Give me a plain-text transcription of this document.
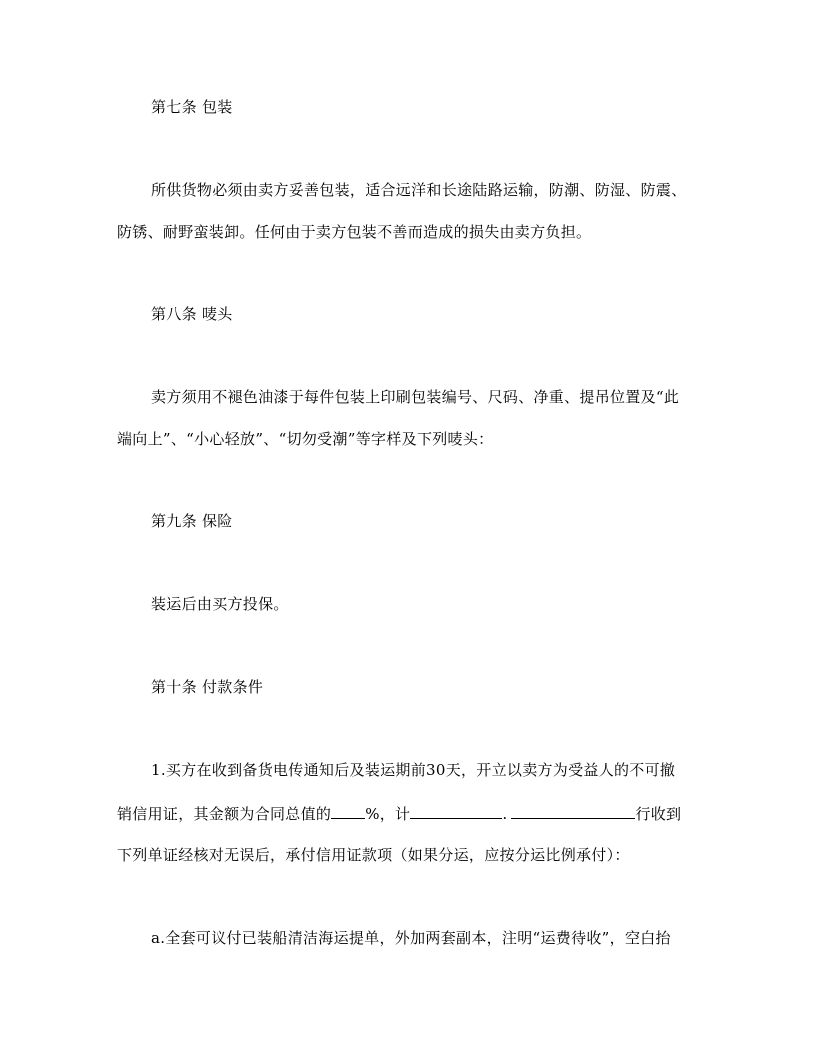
第七条 包装
所供货物必须由卖方妥善包装，适合远洋和长途陆路运输，防潮、防湿、防震、
防锈、耐野蛮装卸。任何由于卖方包装不善而造成的损失由卖方负担。
第八条 唛头
卖方须用不褪色油漆于每件包装上印刷包装编号、尺码、净重、提吊位置及“此
端向上”、“小心轻放”、“切勿受潮”等字样及下列唛头：
第九条 保险
装运后由买方投保。
第十条 付款条件
1.买方在收到备货电传通知后及装运期前30天，开立以卖方为受益人的不可撤
销信用证，其金额为合同总值的 %，计	.	行收到
下列单证经核对无误后，承付信用证款项（如果分运，应按分运比例承付）：
a.全套可议付已装船清洁海运提单，外加两套副本，注明“运费待收”，空白抬
